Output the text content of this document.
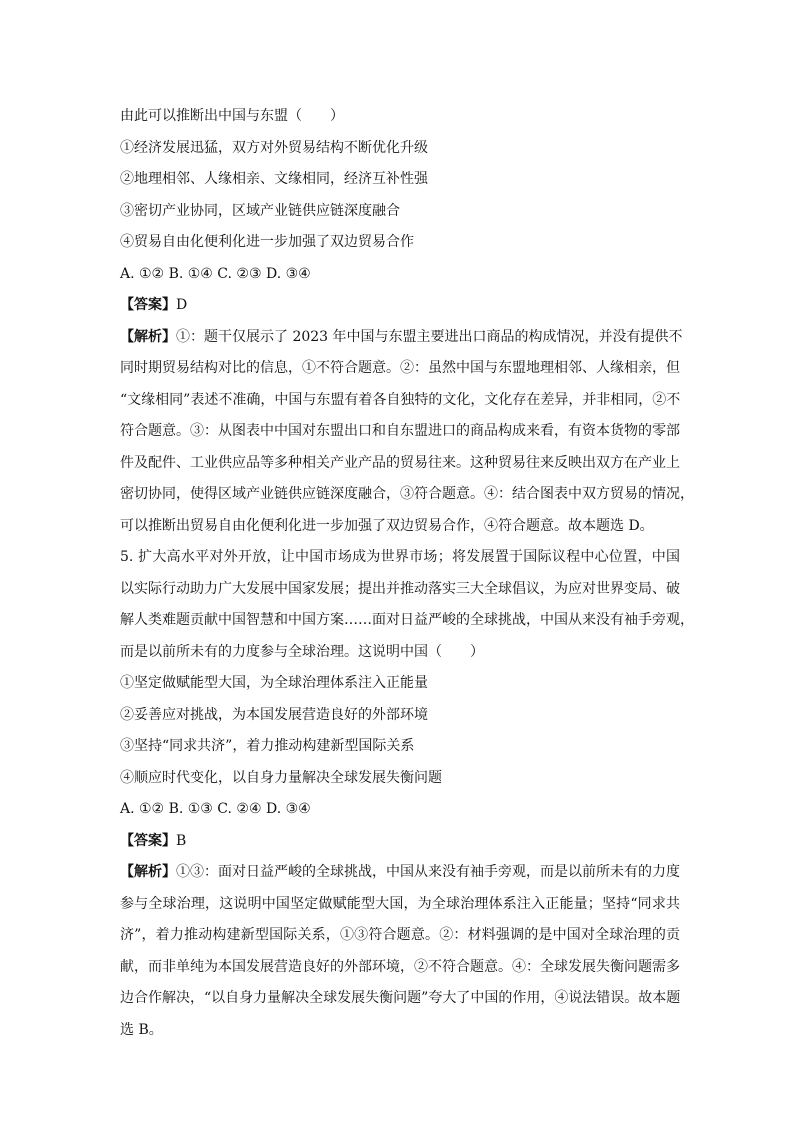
由此可以推断出中国与东盟（　　）
①经济发展迅猛，双方对外贸易结构不断优化升级
②地理相邻、人缘相亲、文缘相同，经济互补性强
③密切产业协同，区域产业链供应链深度融合
④贸易自由化便利化进一步加强了双边贸易合作
A. ①② B. ①④ C. ②③ D. ③④
【答案】D
【解析】①：题干仅展示了 2023 年中国与东盟主要进出口商品的构成情况，并没有提供不
同时期贸易结构对比的信息，①不符合题意。②：虽然中国与东盟地理相邻、人缘相亲，但
“文缘相同”表述不准确，中国与东盟有着各自独特的文化，文化存在差异，并非相同，②不
符合题意。③：从图表中中国对东盟出口和自东盟进口的商品构成来看，有资本货物的零部
件及配件、工业供应品等多种相关产业产品的贸易往来。这种贸易往来反映出双方在产业上
密切协同，使得区域产业链供应链深度融合，③符合题意。④：结合图表中双方贸易的情况，
可以推断出贸易自由化便利化进一步加强了双边贸易合作，④符合题意。故本题选 D。
5. 扩大高水平对外开放，让中国市场成为世界市场；将发展置于国际议程中心位置，中国
以实际行动助力广大发展中国家发展；提出并推动落实三大全球倡议，为应对世界变局、破
解人类难题贡献中国智慧和中国方案……面对日益严峻的全球挑战，中国从来没有袖手旁观，
而是以前所未有的力度参与全球治理。这说明中国（　　）
①坚定做赋能型大国，为全球治理体系注入正能量
②妥善应对挑战，为本国发展营造良好的外部环境
③坚持“同求共济”，着力推动构建新型国际关系
④顺应时代变化，以自身力量解决全球发展失衡问题
A. ①② B. ①③ C. ②④ D. ③④
【答案】B
【解析】①③：面对日益严峻的全球挑战，中国从来没有袖手旁观，而是以前所未有的力度
参与全球治理，这说明中国坚定做赋能型大国，为全球治理体系注入正能量；坚持“同求共
济”，着力推动构建新型国际关系，①③符合题意。②：材料强调的是中国对全球治理的贡
献，而非单纯为本国发展营造良好的外部环境，②不符合题意。④：全球发展失衡问题需多
边合作解决，“以自身力量解决全球发展失衡问题”夸大了中国的作用，④说法错误。故本题
选 B。
